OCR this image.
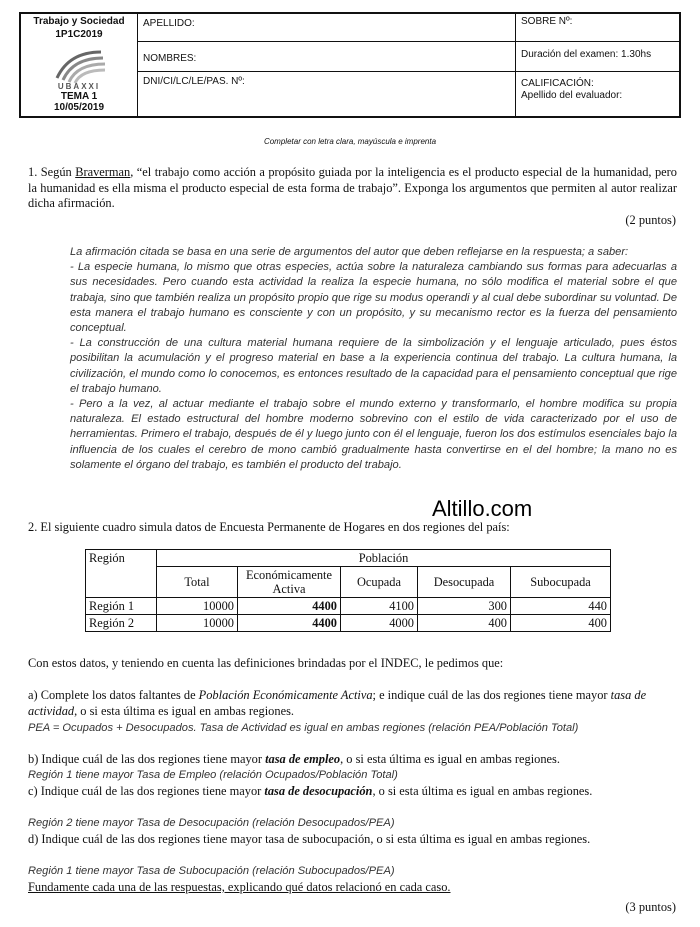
Trabajo y Sociedad
1P1C2019
UBAXXI
TEMA 1
10/05/2019
APELLIDO:
NOMBRES:
DNI/CI/LC/LE/PAS. Nº:
SOBRE Nº:
Duración del examen: 1.30hs
CALIFICACIÓN:
Apellido del evaluador:
Completar con letra clara, mayúscula e imprenta
1. Según Braverman, “el trabajo como acción a propósito guiada por la inteligencia es el producto especial de la humanidad, pero la humanidad es ella misma el producto especial de esta forma de trabajo”. Exponga los argumentos que permiten al autor realizar dicha afirmación.
(2 puntos)

La afirmación citada se basa en una serie de argumentos del autor que deben reflejarse en la respuesta; a saber:

- La especie humana, lo mismo que otras especies, actúa sobre la naturaleza cambiando sus formas para adecuarlas a sus necesidades. Pero cuando esta actividad la realiza la especie humana, no sólo modifica el material sobre el que trabaja, sino que también realiza un propósito propio que rige su modus operandi y al cual debe subordinar su voluntad. De esta manera el trabajo humano es consciente y con un propósito, y su mecanismo rector es la fuerza del pensamiento conceptual.

- La construcción de una cultura material humana requiere de la simbolización y el lenguaje articulado, pues éstos posibilitan la acumulación y el progreso material en base a la experiencia continua del trabajo. La cultura humana, la civilización, el mundo como lo conocemos, es entonces resultado de la capacidad para el pensamiento conceptual que rige el trabajo humano.

- Pero a la vez, al actuar mediante el trabajo sobre el mundo externo y transformarlo, el hombre modifica su propia naturaleza. El estado estructural del hombre moderno sobrevino con el estilo de vida caracterizado por el uso de herramientas. Primero el trabajo, después de él y luego junto con él el lenguaje, fueron los dos estímulos esenciales bajo la influencia de los cuales el cerebro de mono cambió gradualmente hasta convertirse en el del hombre; la mano no es solamente el órgano del trabajo, es también el producto del trabajo.

Altillo.com
2. El siguiente cuadro simula datos de Encuesta Permanente de Hogares en dos regiones del país:
Región	Población				
	Total	Económicamente Activa	Ocupada	Desocupada	Subocupada
Región 1	10000	4400	4100	300	440
Región 2	10000	4400	4000	400	400
Con estos datos, y teniendo en cuenta las definiciones brindadas por el INDEC, le pedimos que:
a) Complete los datos faltantes de Población Económicamente Activa; e indique cuál de las dos regiones tiene mayor tasa de actividad, o si esta última es igual en ambas regiones.
PEA = Ocupados + Desocupados. Tasa de Actividad es igual en ambas regiones (relación PEA/Población Total)
b) Indique cuál de las dos regiones tiene mayor tasa de empleo, o si esta última es igual en ambas regiones.
Región 1 tiene mayor Tasa de Empleo (relación Ocupados/Población Total)
c) Indique cuál de las dos regiones tiene mayor tasa de desocupación, o si esta última es igual en ambas regiones.
Región 2 tiene mayor Tasa de Desocupación (relación Desocupados/PEA)
d) Indique cuál de las dos regiones tiene mayor tasa de subocupación, o si esta última es igual en ambas regiones.
Región 1 tiene mayor Tasa de Subocupación (relación Subocupados/PEA)
Fundamente cada una de las respuestas, explicando qué datos relacionó en cada caso.
(3 puntos)
